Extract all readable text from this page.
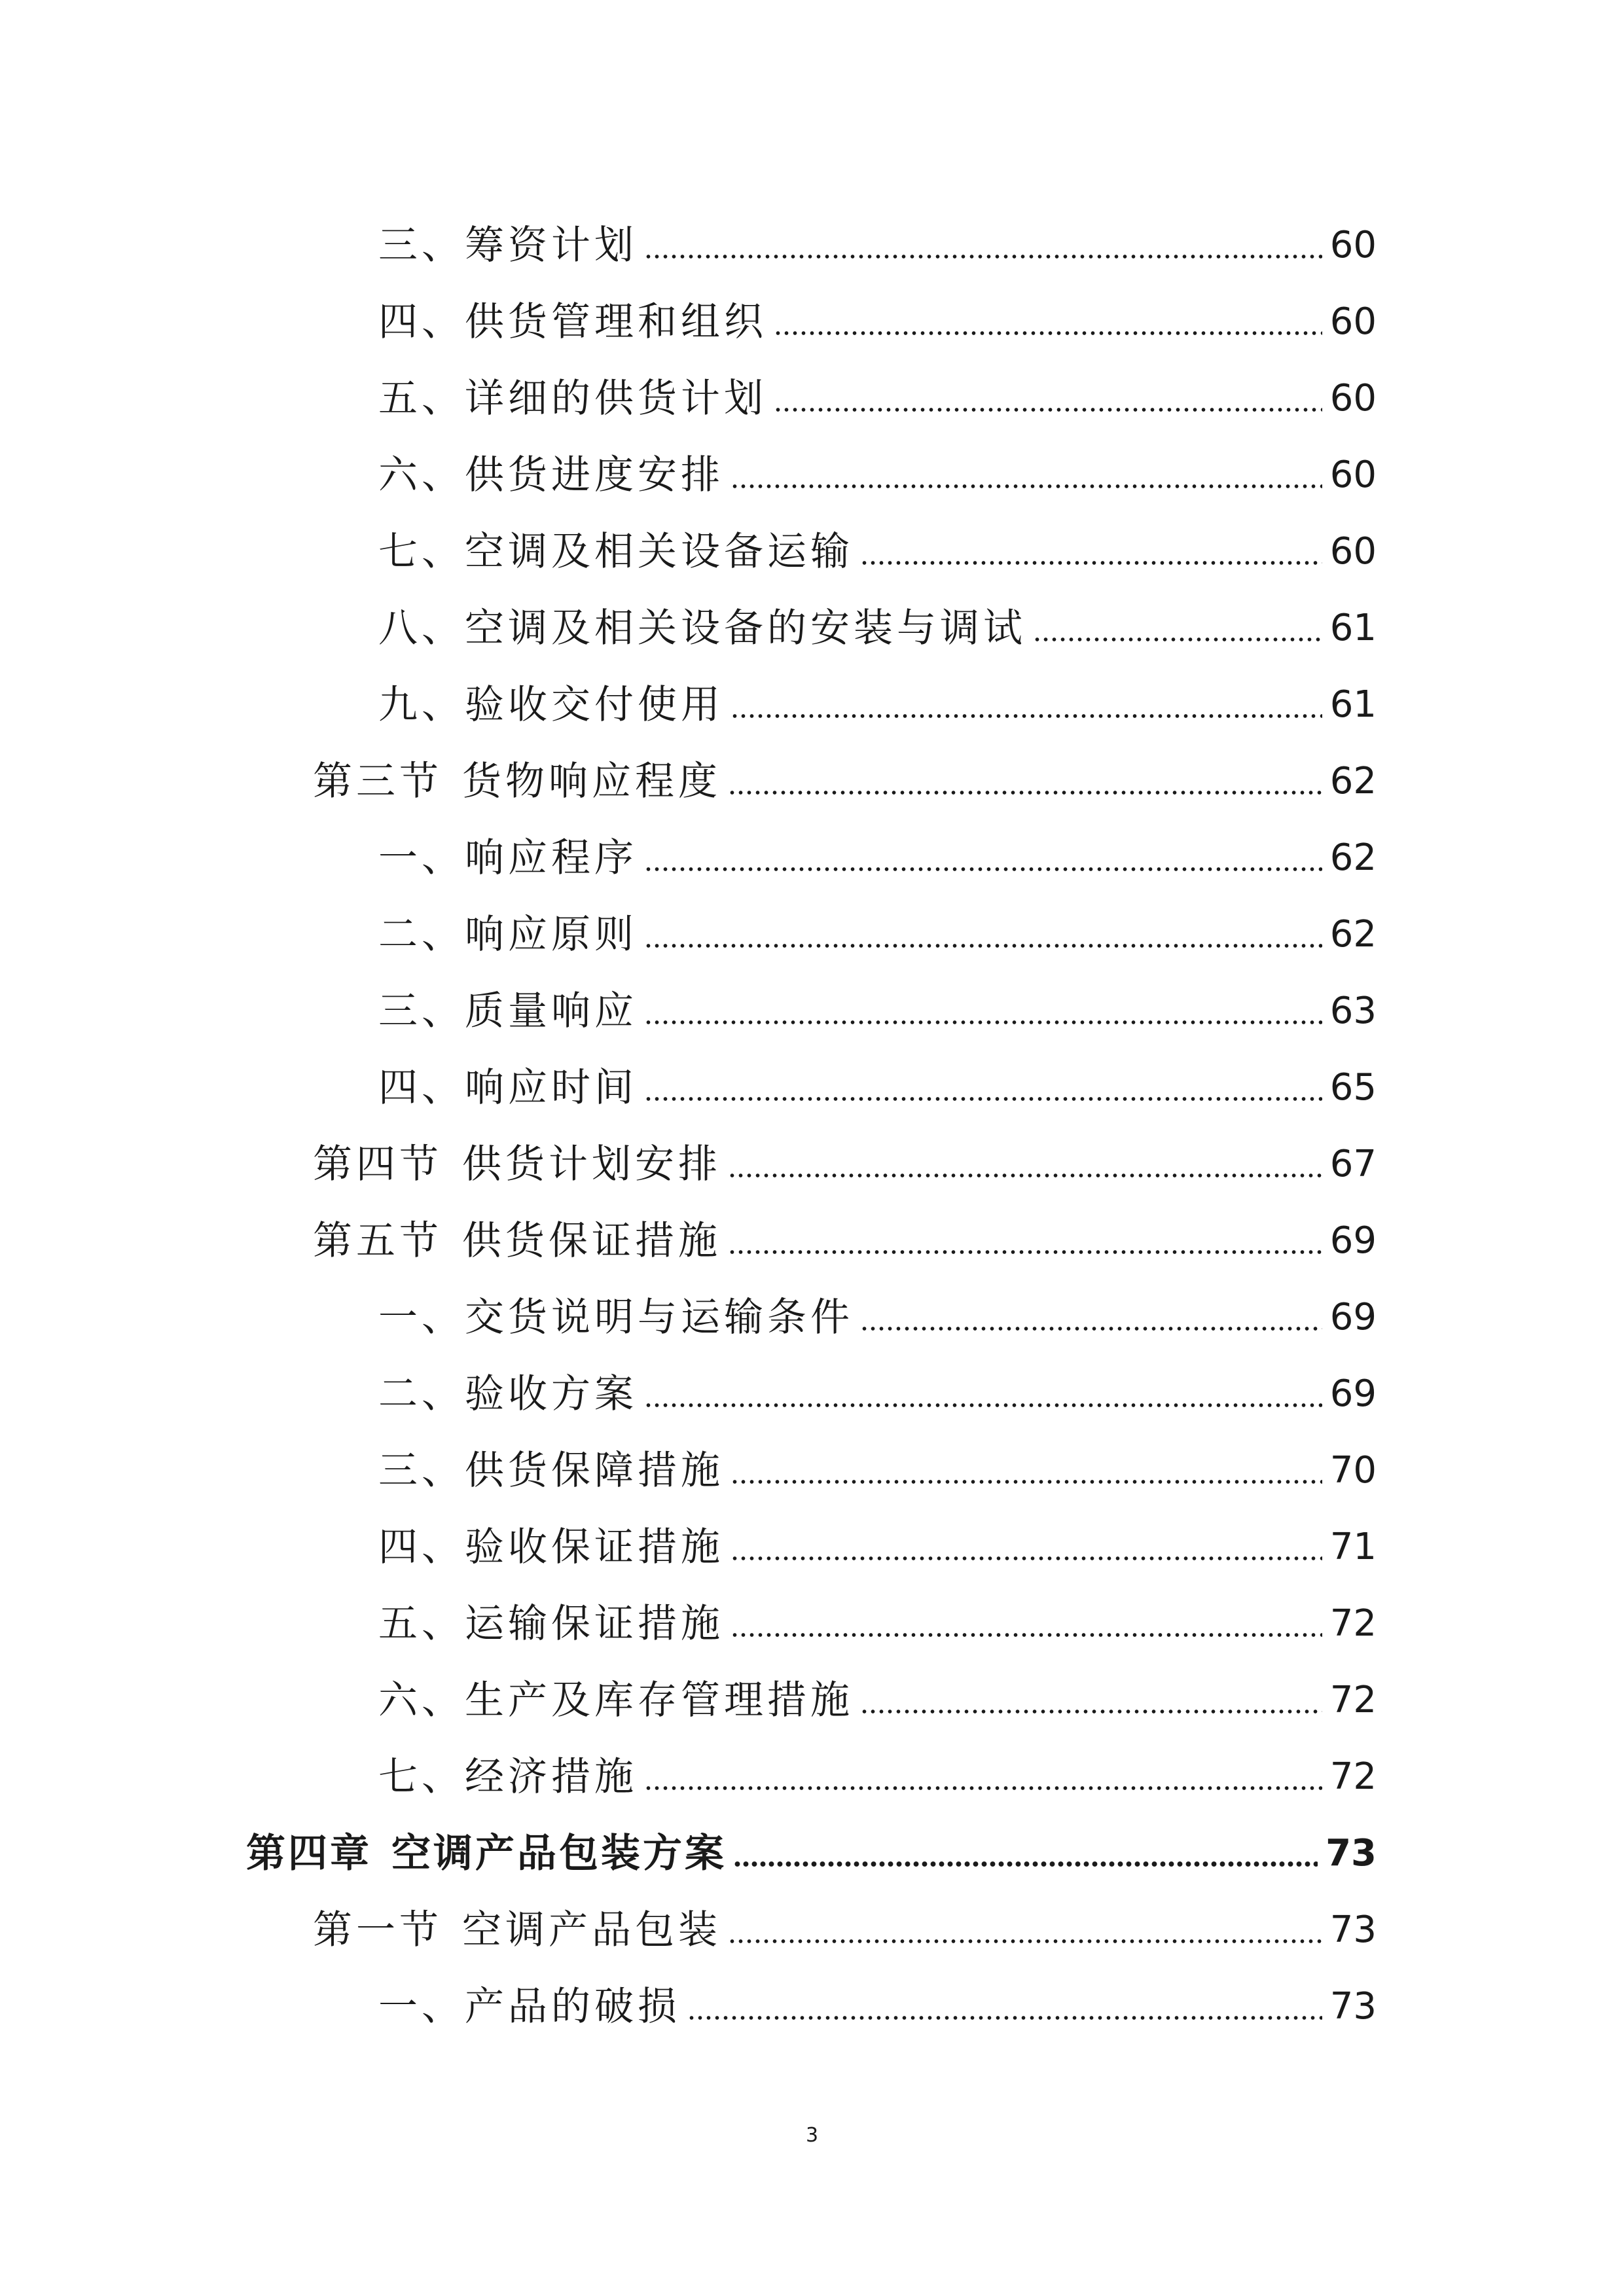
三、筹资计划	60
四、供货管理和组织	60
五、详细的供货计划	60
六、供货进度安排	60
七、空调及相关设备运输	60
八、空调及相关设备的安装与调试	61
九、验收交付使用	61
第三节 货物响应程度	62
一、响应程序	62
二、响应原则	62
三、质量响应	63
四、响应时间	65
第四节 供货计划安排	67
第五节 供货保证措施	69
一、交货说明与运输条件	69
二、验收方案	69
三、供货保障措施	70
四、验收保证措施	71
五、运输保证措施	72
六、生产及库存管理措施	72
七、经济措施	72
第四章 空调产品包装方案	73
第一节 空调产品包装	73
一、产品的破损	73
3
